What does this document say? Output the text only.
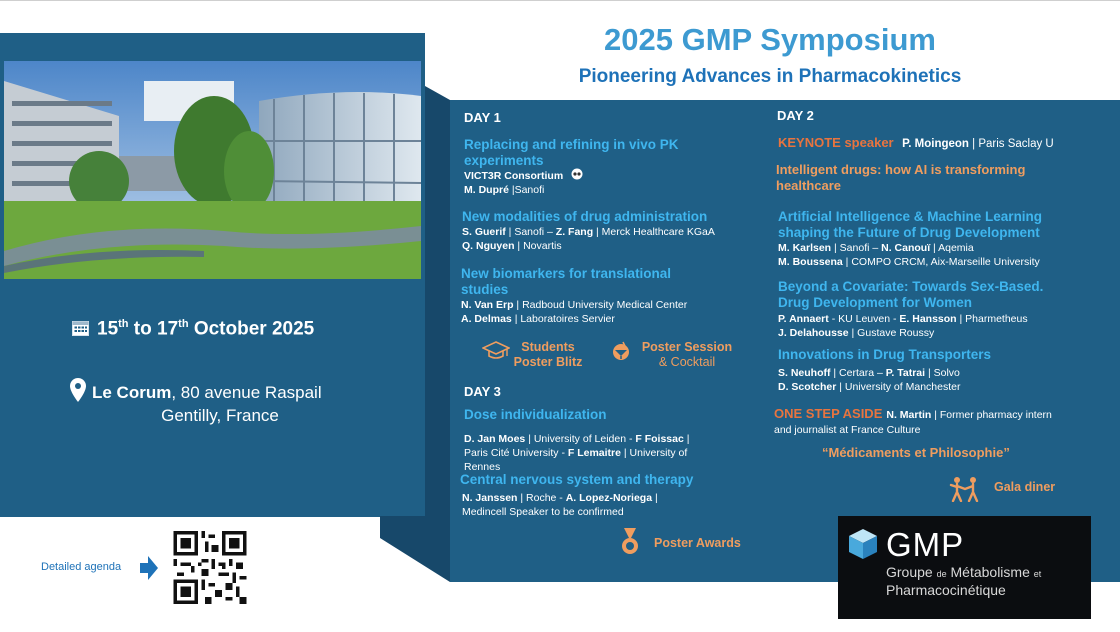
15th to 17th October 2025
Le Corum, 80 avenue Raspail
Gentilly, France
2025 GMP Symposium
Pioneering Advances in Pharmacokinetics
DAY 1
Replacing and refining in vivo PK
experiments
VICT3R Consortium
M. Dupré |Sanofi
New modalities of drug administration
S. Guerif | Sanofi – Z. Fang | Merck Healthcare KGaA
Q. Nguyen | Novartis
New biomarkers for translational
studies
N. Van Erp | Radboud University Medical Center
A. Delmas | Laboratoires Servier
Students
Poster Blitz
Poster Session
& Cocktail
DAY 3
Dose individualization
D. Jan Moes | University of Leiden - F Foissac |
Paris Cité University - F Lemaitre | University of
Rennes
Central nervous system and therapy
N. Janssen | Roche - A. Lopez-Noriega |
Medincell Speaker to be confirmed
Poster Awards
DAY 2
KEYNOTE speaker P. Moingeon | Paris Saclay U
Intelligent drugs: how AI is transforming
healthcare
Artificial Intelligence & Machine Learning
shaping the Future of Drug Development
M. Karlsen | Sanofi – N. Canouï | Aqemia
M. Boussena | COMPO CRCM, Aix-Marseille University
Beyond a Covariate: Towards Sex-Based.
Drug Development for Women
P. Annaert - KU Leuven - E. Hansson | Pharmetheus
J. Delahousse | Gustave Roussy
Innovations in Drug Transporters
S. Neuhoff | Certara – P. Tatrai | Solvo
D. Scotcher | University of Manchester
ONE STEP ASIDE N. Martin | Former pharmacy intern
and journalist at France Culture
“Médicaments et Philosophie”
Gala diner
Detailed agenda
GMP
Groupe de Métabolisme et
Pharmacocinétique
